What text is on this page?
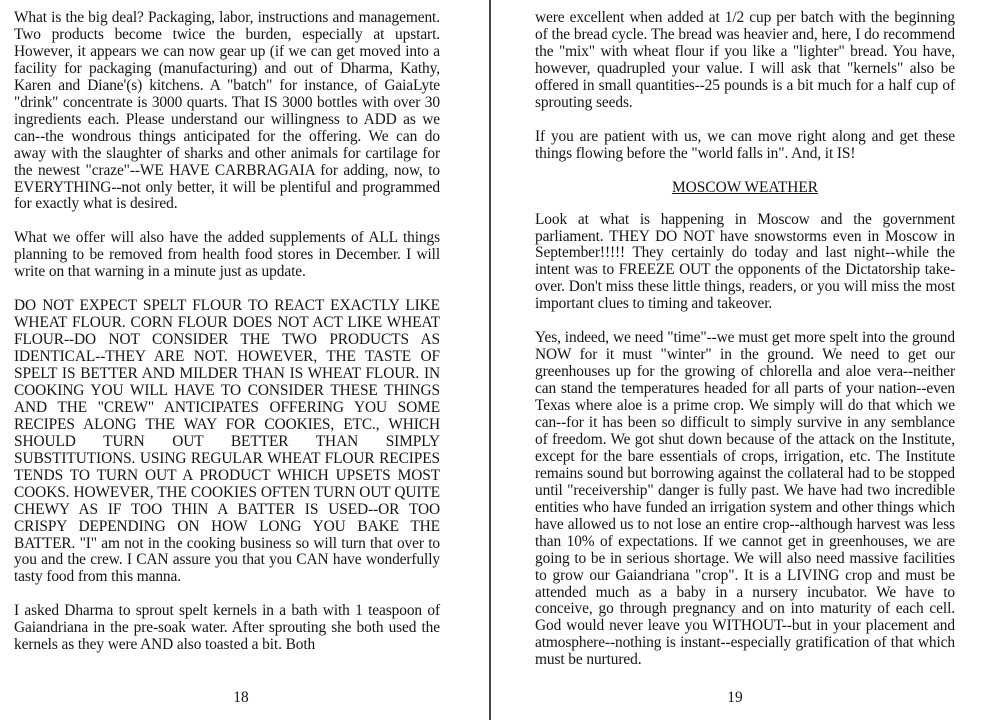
What is the big deal? Packaging, labor, instructions and management. Two products become twice the burden, especially at upstart. However, it appears we can now gear up (if we can get moved into a facility for packaging (manufacturing) and out of Dharma, Kathy, Karen and Diane'(s) kitchens. A "batch" for instance, of GaiaLyte "drink" concentrate is 3000 quarts. That IS 3000 bottles with over 30 ingredients each. Please understand our willingness to ADD as we can--the wondrous things anticipated for the offering. We can do away with the slaughter of sharks and other animals for cartilage for the newest "craze"--WE HAVE CARBRAGAIA for adding, now, to EVERYTHING--not only better, it will be plentiful and programmed for exactly what is desired.

What we offer will also have the added supplements of ALL things planning to be removed from health food stores in December. I will write on that warning in a minute just as update.

DO NOT EXPECT SPELT FLOUR TO REACT EXACTLY LIKE WHEAT FLOUR. CORN FLOUR DOES NOT ACT LIKE WHEAT FLOUR--DO NOT CONSIDER THE TWO PRODUCTS AS IDENTICAL--THEY ARE NOT. HOWEVER, THE TASTE OF SPELT IS BETTER AND MILDER THAN IS WHEAT FLOUR. IN COOKING YOU WILL HAVE TO CONSIDER THESE THINGS AND THE "CREW" ANTICIPATES OFFERING YOU SOME RECIPES ALONG THE WAY FOR COOKIES, ETC., WHICH SHOULD TURN OUT BETTER THAN SIMPLY SUBSTITUTIONS. USING REGULAR WHEAT FLOUR RECIPES TENDS TO TURN OUT A PRODUCT WHICH UPSETS MOST COOKS. HOWEVER, THE COOKIES OFTEN TURN OUT QUITE CHEWY AS IF TOO THIN A BATTER IS USED--OR TOO CRISPY DEPENDING ON HOW LONG YOU BAKE THE BATTER. "I" am not in the cooking business so will turn that over to you and the crew. I CAN assure you that you CAN have wonderfully tasty food from this manna.

I asked Dharma to sprout spelt kernels in a bath with 1 teaspoon of Gaiandriana in the pre-soak water. After sprouting she both used the kernels as they were AND also toasted a bit. Both

18

were excellent when added at 1/2 cup per batch with the beginning of the bread cycle. The bread was heavier and, here, I do recommend the "mix" with wheat flour if you like a "lighter" bread. You have, however, quadrupled your value. I will ask that "kernels" also be offered in small quantities--25 pounds is a bit much for a half cup of sprouting seeds.

If you are patient with us, we can move right along and get these things flowing before the "world falls in". And, it IS!

MOSCOW WEATHER

Look at what is happening in Moscow and the government parliament. THEY DO NOT have snowstorms even in Moscow in September!!!!! They certainly do today and last night--while the intent was to FREEZE OUT the opponents of the Dictatorship take-over. Don't miss these little things, readers, or you will miss the most important clues to timing and takeover.

Yes, indeed, we need "time"--we must get more spelt into the ground NOW for it must "winter" in the ground. We need to get our greenhouses up for the growing of chlorella and aloe vera--neither can stand the temperatures headed for all parts of your nation--even Texas where aloe is a prime crop. We simply will do that which we can--for it has been so difficult to simply survive in any semblance of freedom. We got shut down because of the attack on the Institute, except for the bare essentials of crops, irrigation, etc. The Institute remains sound but borrowing against the collateral had to be stopped until "receivership" danger is fully past. We have had two incredible entities who have funded an irrigation system and other things which have allowed us to not lose an entire crop--although harvest was less than 10% of expectations. If we cannot get in greenhouses, we are going to be in serious shortage. We will also need massive facilities to grow our Gaiandriana "crop". It is a LIVING crop and must be attended much as a baby in a nursery incubator. We have to conceive, go through pregnancy and on into maturity of each cell. God would never leave you WITHOUT--but in your placement and atmosphere--nothing is instant--especially gratification of that which must be nurtured.

19
